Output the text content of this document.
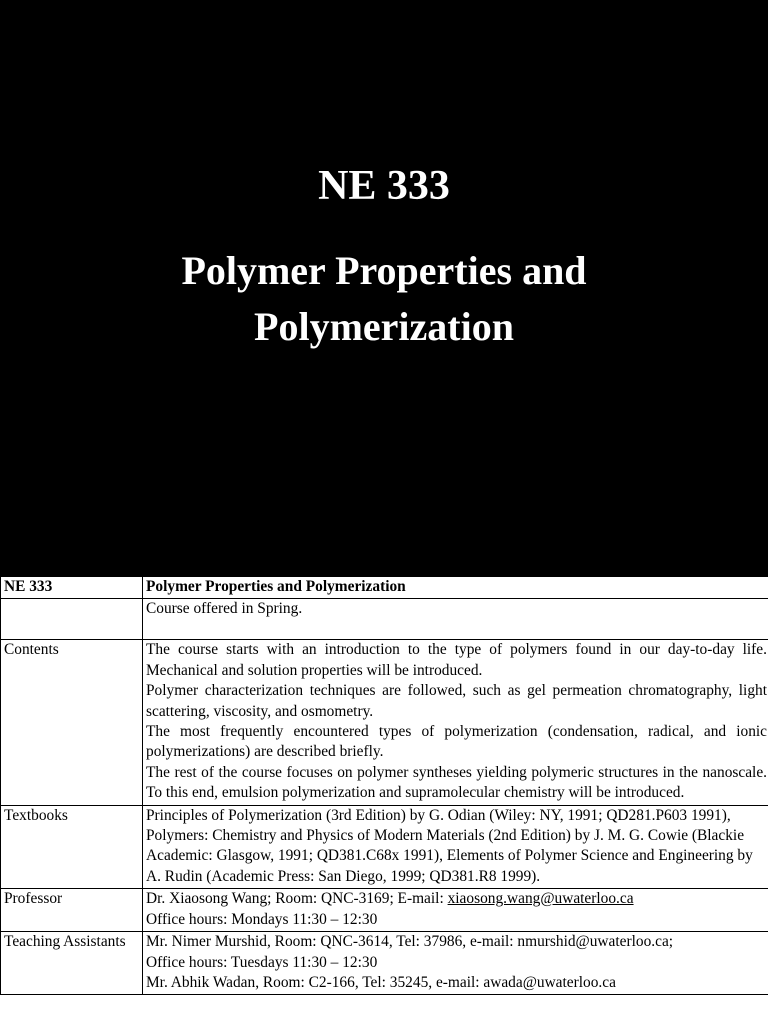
NE 333
Polymer Properties and
Polymerization
NE 333	Polymer Properties and Polymerization
	Course offered in Spring.
Contents	The course starts with an introduction to the type of polymers found in our day-to-day life. Mechanical and solution properties will be introduced.
Polymer characterization techniques are followed, such as gel permeation chromatography, light scattering, viscosity, and osmometry.
The most frequently encountered types of polymerization (condensation, radical, and ionic polymerizations) are described briefly.
The rest of the course focuses on polymer syntheses yielding polymeric structures in the nanoscale. To this end, emulsion polymerization and supramolecular chemistry will be introduced.

Textbooks	Principles of Polymerization (3rd Edition) by G. Odian (Wiley: NY, 1991; QD281.P603 1991), Polymers: Chemistry and Physics of Modern Materials (2nd Edition) by J. M. G. Cowie (Blackie Academic: Glasgow, 1991; QD381.C68x 1991), Elements of Polymer Science and Engineering by A. Rudin (Academic Press: San Diego, 1999; QD381.R8 1999).
Professor	Dr. Xiaosong Wang; Room: QNC-3169; E-mail: xiaosong.wang@uwaterloo.ca
Office hours: Mondays 11:30 – 12:30

Teaching Assistants	Mr. Nimer Murshid, Room: QNC-3614, Tel: 37986, e-mail: nmurshid@uwaterloo.ca;
Office hours: Tuesdays 11:30 – 12:30
Mr. Abhik Wadan, Room: C2-166, Tel: 35245, e-mail: awada@uwaterloo.ca
